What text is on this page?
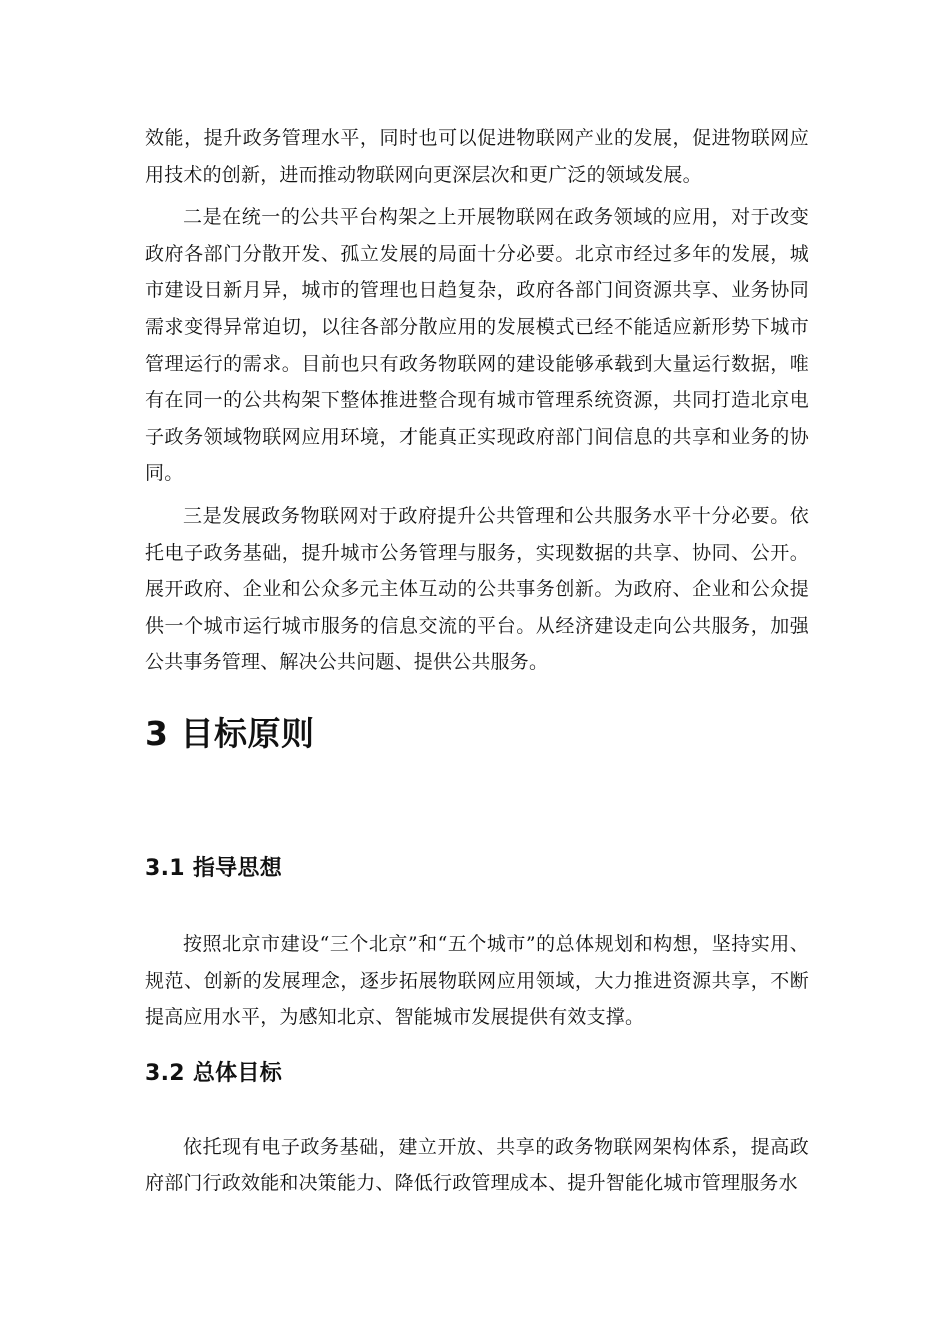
效能，提升政务管理水平，同时也可以促进物联网产业的发展，促进物联网应用技术的创新，进而推动物联网向更深层次和更广泛的领域发展。

二是在统一的公共平台构架之上开展物联网在政务领域的应用，对于改变政府各部门分散开发、孤立发展的局面十分必要。北京市经过多年的发展，城市建设日新月异，城市的管理也日趋复杂，政府各部门间资源共享、业务协同需求变得异常迫切，以往各部分散应用的发展模式已经不能适应新形势下城市管理运行的需求。目前也只有政务物联网的建设能够承载到大量运行数据，唯有在同一的公共构架下整体推进整合现有城市管理系统资源，共同打造北京电子政务领域物联网应用环境，才能真正实现政府部门间信息的共享和业务的协同。

三是发展政务物联网对于政府提升公共管理和公共服务水平十分必要。依托电子政务基础，提升城市公务管理与服务，实现数据的共享、协同、公开。展开政府、企业和公众多元主体互动的公共事务创新。为政府、企业和公众提供一个城市运行城市服务的信息交流的平台。从经济建设走向公共服务，加强公共事务管理、解决公共问题、提供公共服务。

3 目标原则
3.1 指导思想

按照北京市建设“三个北京”和“五个城市”的总体规划和构想，坚持实用、规范、创新的发展理念，逐步拓展物联网应用领域，大力推进资源共享，不断提高应用水平，为感知北京、智能城市发展提供有效支撑。

3.2 总体目标

依托现有电子政务基础，建立开放、共享的政务物联网架构体系，提高政府部门行政效能和决策能力、降低行政管理成本、提升智能化城市管理服务水
